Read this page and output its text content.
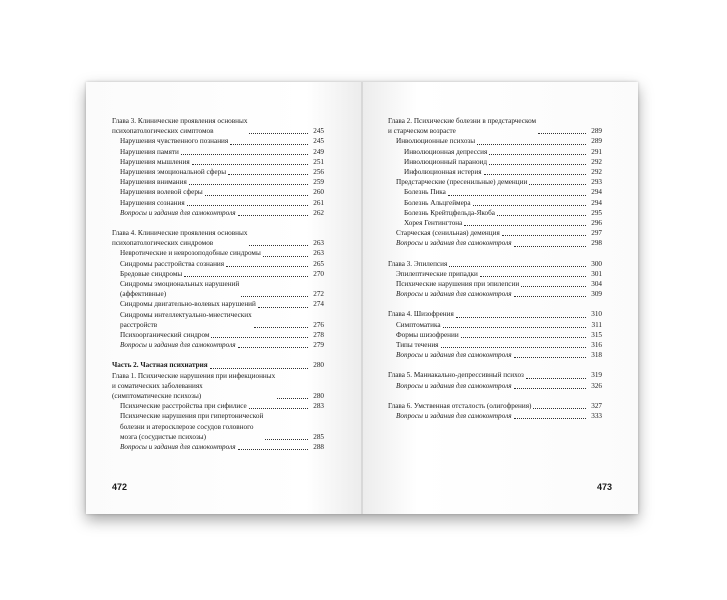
Глава 3. Клинические проявления основных
психопатологических симптомов	245
Нарушения чувственного познания	245
Нарушения памяти	249
Нарушения мышления	251
Нарушения эмоциональной сферы	256
Нарушения внимания	259
Нарушения волевой сферы	260
Нарушения сознания	261
Вопросы и задания для самоконтроля	262
Глава 4. Клинические проявления основных
психопатологических синдромов	263
Невротические и неврозоподобные синдромы	263
Синдромы расстройства сознания	265
Бредовые синдромы	270
Синдромы эмоциональных нарушений
(аффективные)	272
Синдромы двигательно-волевых нарушений	274
Синдромы интеллектуально-мнестических
расстройств	276
Психоорганический синдром	278
Вопросы и задания для самоконтроля	279
Часть 2. Частная психиатрия	280
Глава 1. Психические нарушения при инфекционных
и соматических заболеваниях
(симптоматические психозы)	280
Психические расстройства при сифилисе	283
Психические нарушения при гипертонической
болезни и атеросклерозе сосудов головного
мозга (сосудистые психозы)	285
Вопросы и задания для самоконтроля	288
472
Глава 2. Психические болезни в предстарческом
и старческом возрасте	289
Инволюционные психозы	289
Инволюционная депрессия	291
Инволюционный параноид	292
Инфолюционная истерия	292
Предстарческие (пресенильные) деменции	293
Болезнь Пика	294
Болезнь Альцгеймера	294
Болезнь Крейтцфельда-Якоба	295
Хорея Гентингтона	296
Старческая (сенильная) деменция	297
Вопросы и задания для самоконтроля	298
Глава 3. Эпилепсия	300
Эпилептические припадки	301
Психические нарушения при эпилепсии	304
Вопросы и задания для самоконтроля	309
Глава 4. Шизофрения	310
Симптоматика	311
Формы шизофрении	315
Типы течения	316
Вопросы и задания для самоконтроля	318
Глава 5. Маниакально-депрессивный психоз	319
Вопросы и задания для самоконтроля	326
Глава 6. Умственная отсталость (олигофрения)	327
Вопросы и задания для самоконтроля	333
473
